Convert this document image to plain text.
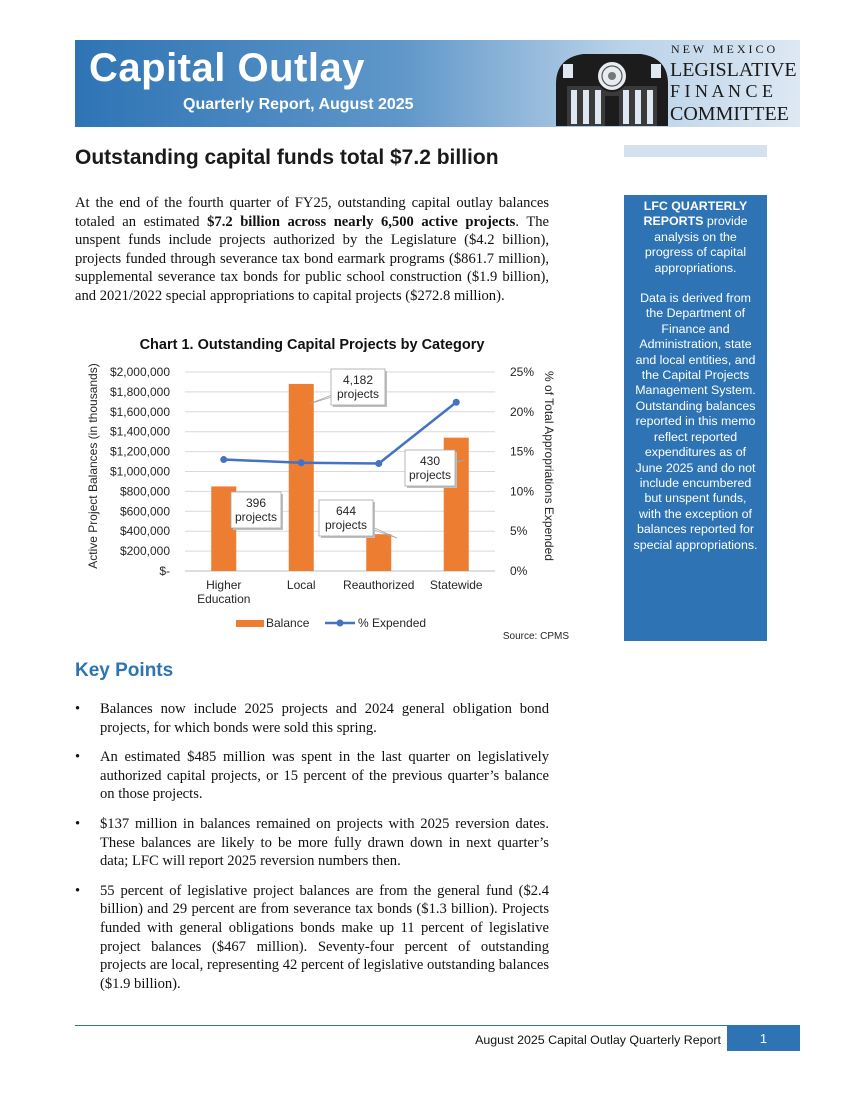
Capital Outlay
Quarterly Report, August 2025
N E W   M E X I C O
LEGISLATIVE
F I N A N C E
COMMITTEE
Outstanding capital funds total $7.2 billion
At the end of the fourth quarter of FY25, outstanding capital outlay balances totaled an estimated $7.2 billion across nearly 6,500 active projects. The unspent funds include projects authorized by the Legislature ($4.2 billion), projects funded through severance tax bond earmark programs ($861.7 million), supplemental severance tax bonds for public school construction ($1.9 billion), and 2021/2022 special appropriations to capital projects ($272.8 million).

LFC QUARTERLY REPORTS provide analysis on the progress of capital appropriations.

Data is derived from the Department of Finance and Administration, state and local entities, and the Capital Projects Management System. Outstanding balances reported in this memo reflect reported expenditures as of June 2025 and do not include encumbered but unspent funds, with the exception of balances reported for special appropriations.

Chart 1. Outstanding Capital Projects by Category
$-
$200,000
$400,000
$600,000
$800,000
$1,000,000
$1,200,000
$1,400,000
$1,600,000
$1,800,000
$2,000,000
0%
5%
10%
15%
20%
25%
Higher
Education
Local Reauthorized Statewide
396
projects
4,182
projects
644
projects
430
projects
Active Project Balances (in thousands)	% of Total Appropriations Expended
Balance	% Expended
Source: CPMS
Key Points
• Balances now include 2025 projects and 2024 general obligation bond projects, for which bonds were sold this spring.
• An estimated $485 million was spent in the last quarter on legislatively authorized capital projects, or 15 percent of the previous quarter’s balance on those projects.
• $137 million in balances remained on projects with 2025 reversion dates. These balances are likely to be more fully drawn down in next quarter’s data; LFC will report 2025 reversion numbers then.
• 55 percent of legislative project balances are from the general fund ($2.4 billion) and 29 percent are from severance tax bonds ($1.3 billion). Projects funded with general obligations bonds make up 11 percent of legislative project balances ($467 million). Seventy-four percent of outstanding projects are local, representing 42 percent of legislative outstanding balances ($1.9 billion).
August 2025 Capital Outlay Quarterly Report	1
